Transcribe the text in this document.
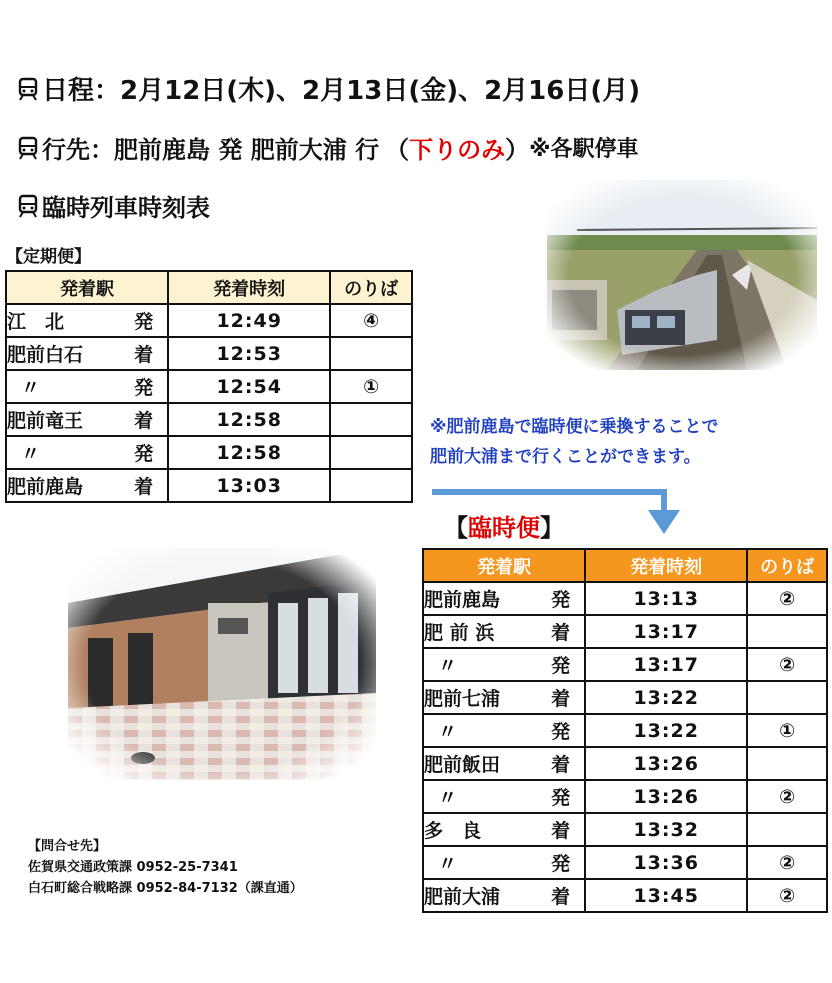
日程： 2月12日(木)、2月13日(金)、2月16日(月)
行先： 肥前鹿島 発 肥前大浦 行 （ 下りのみ ） ※各駅停車
臨時列車時刻表
【定期便】
発着駅	発着時刻	のりば
江　北 発	12:49	④
肥前白石 着	12:53	
〃 発	12:54	①
肥前竜王 着	12:58	
〃 発	12:58	
肥前鹿島 着	13:03	
※肥前鹿島で臨時便に乗換することで
肥前大浦まで行くことができます。
【臨時便】
発着駅	発着時刻	のりば
肥前鹿島 発	13:13	②
肥 前 浜 着	13:17	
〃 発	13:17	②
肥前七浦 着	13:22	
〃 発	13:22	①
肥前飯田 着	13:26	
〃 発	13:26	②
多　良 着	13:32	
〃 発	13:36	②
肥前大浦 着	13:45	②
【問合せ先】
佐賀県交通政策課 0952-25-7341
白石町総合戦略課 0952-84-7132（課直通）
